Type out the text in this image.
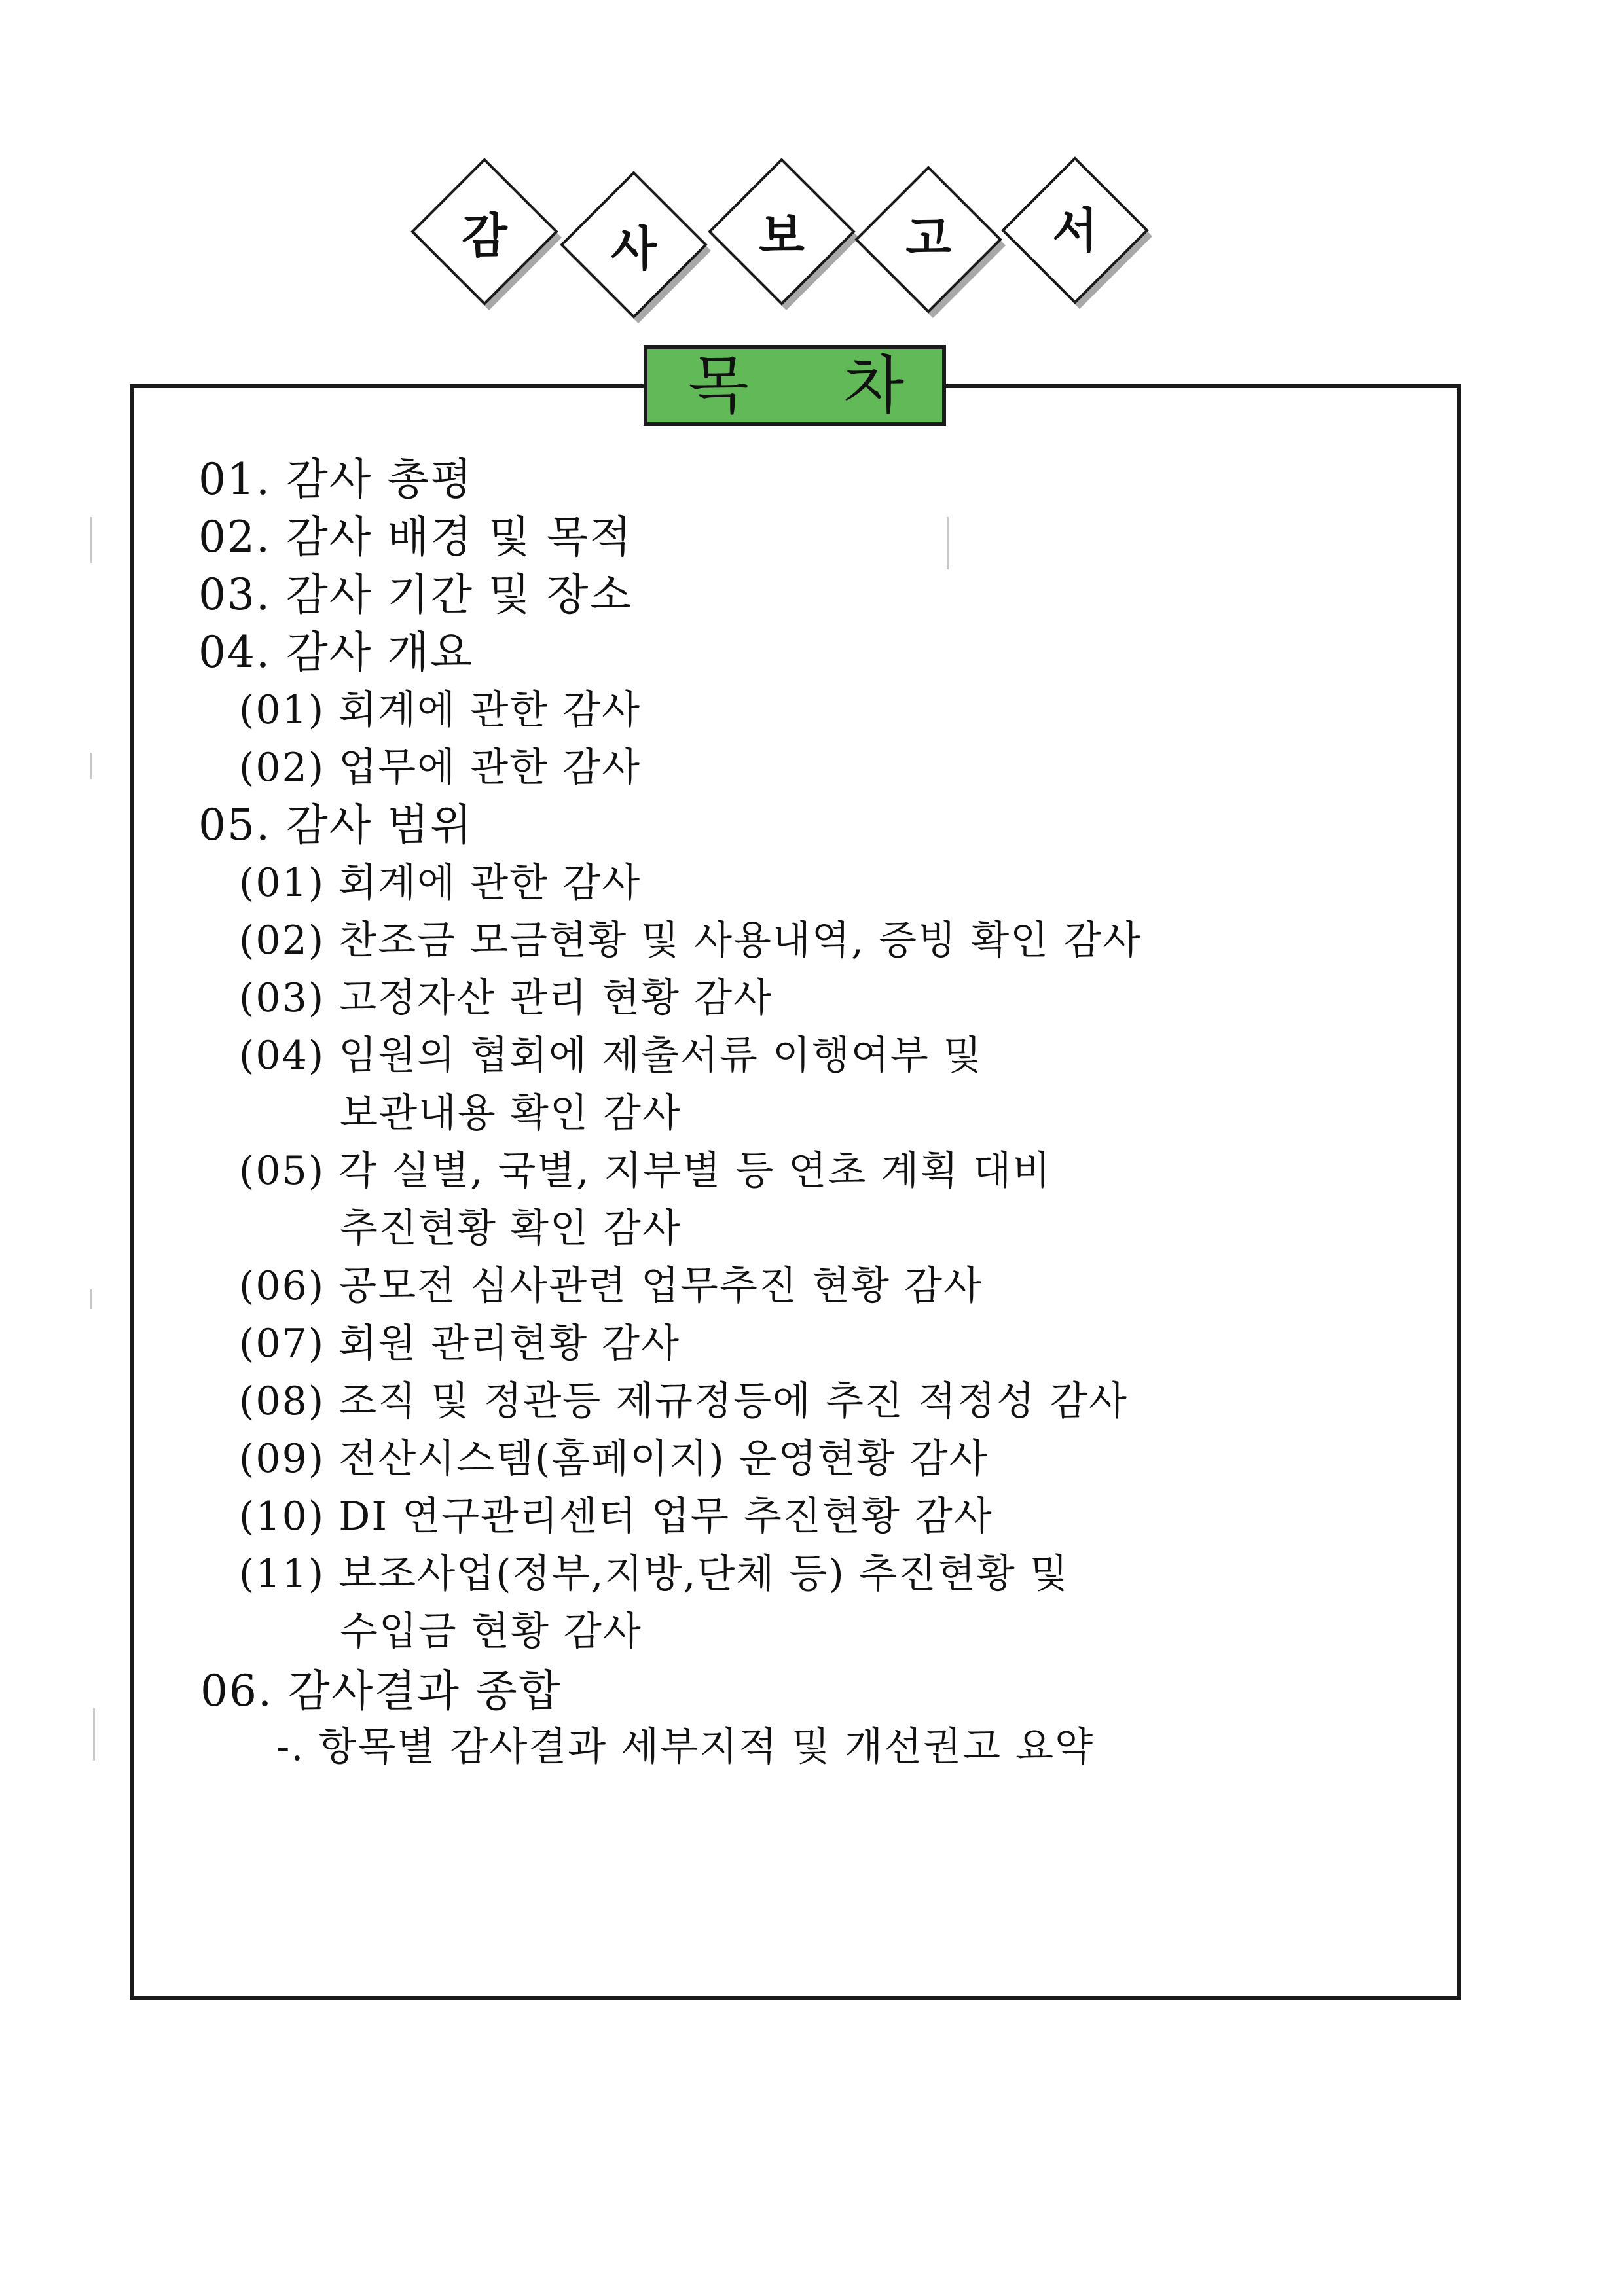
감	사	보	고	서
목 차
01. 감사 총평
02. 감사 배경 및 목적
03. 감사 기간 및 장소
04. 감사 개요
(01) 회계에 관한 감사
(02) 업무에 관한 감사
05. 감사 범위
(01) 회계에 관한 감사
(02) 찬조금 모금현황 및 사용내역, 증빙 확인 감사
(03) 고정자산 관리 현황 감사
(04) 임원의 협회에 제출서류 이행여부 및
보관내용 확인 감사
(05) 각 실별, 국별, 지부별 등 연초 계획 대비
추진현황 확인 감사
(06) 공모전 심사관련 업무추진 현황 감사
(07) 회원 관리현황 감사
(08) 조직 및 정관등 제규정등에 추진 적정성 감사
(09) 전산시스템(홈페이지) 운영현황 감사
(10) DI 연구관리센터 업무 추진현황 감사
(11) 보조사업(정부,지방,단체 등) 추진현황 및
수입금 현황 감사
06. 감사결과 종합
-. 항목별 감사결과 세부지적 및 개선권고 요약
